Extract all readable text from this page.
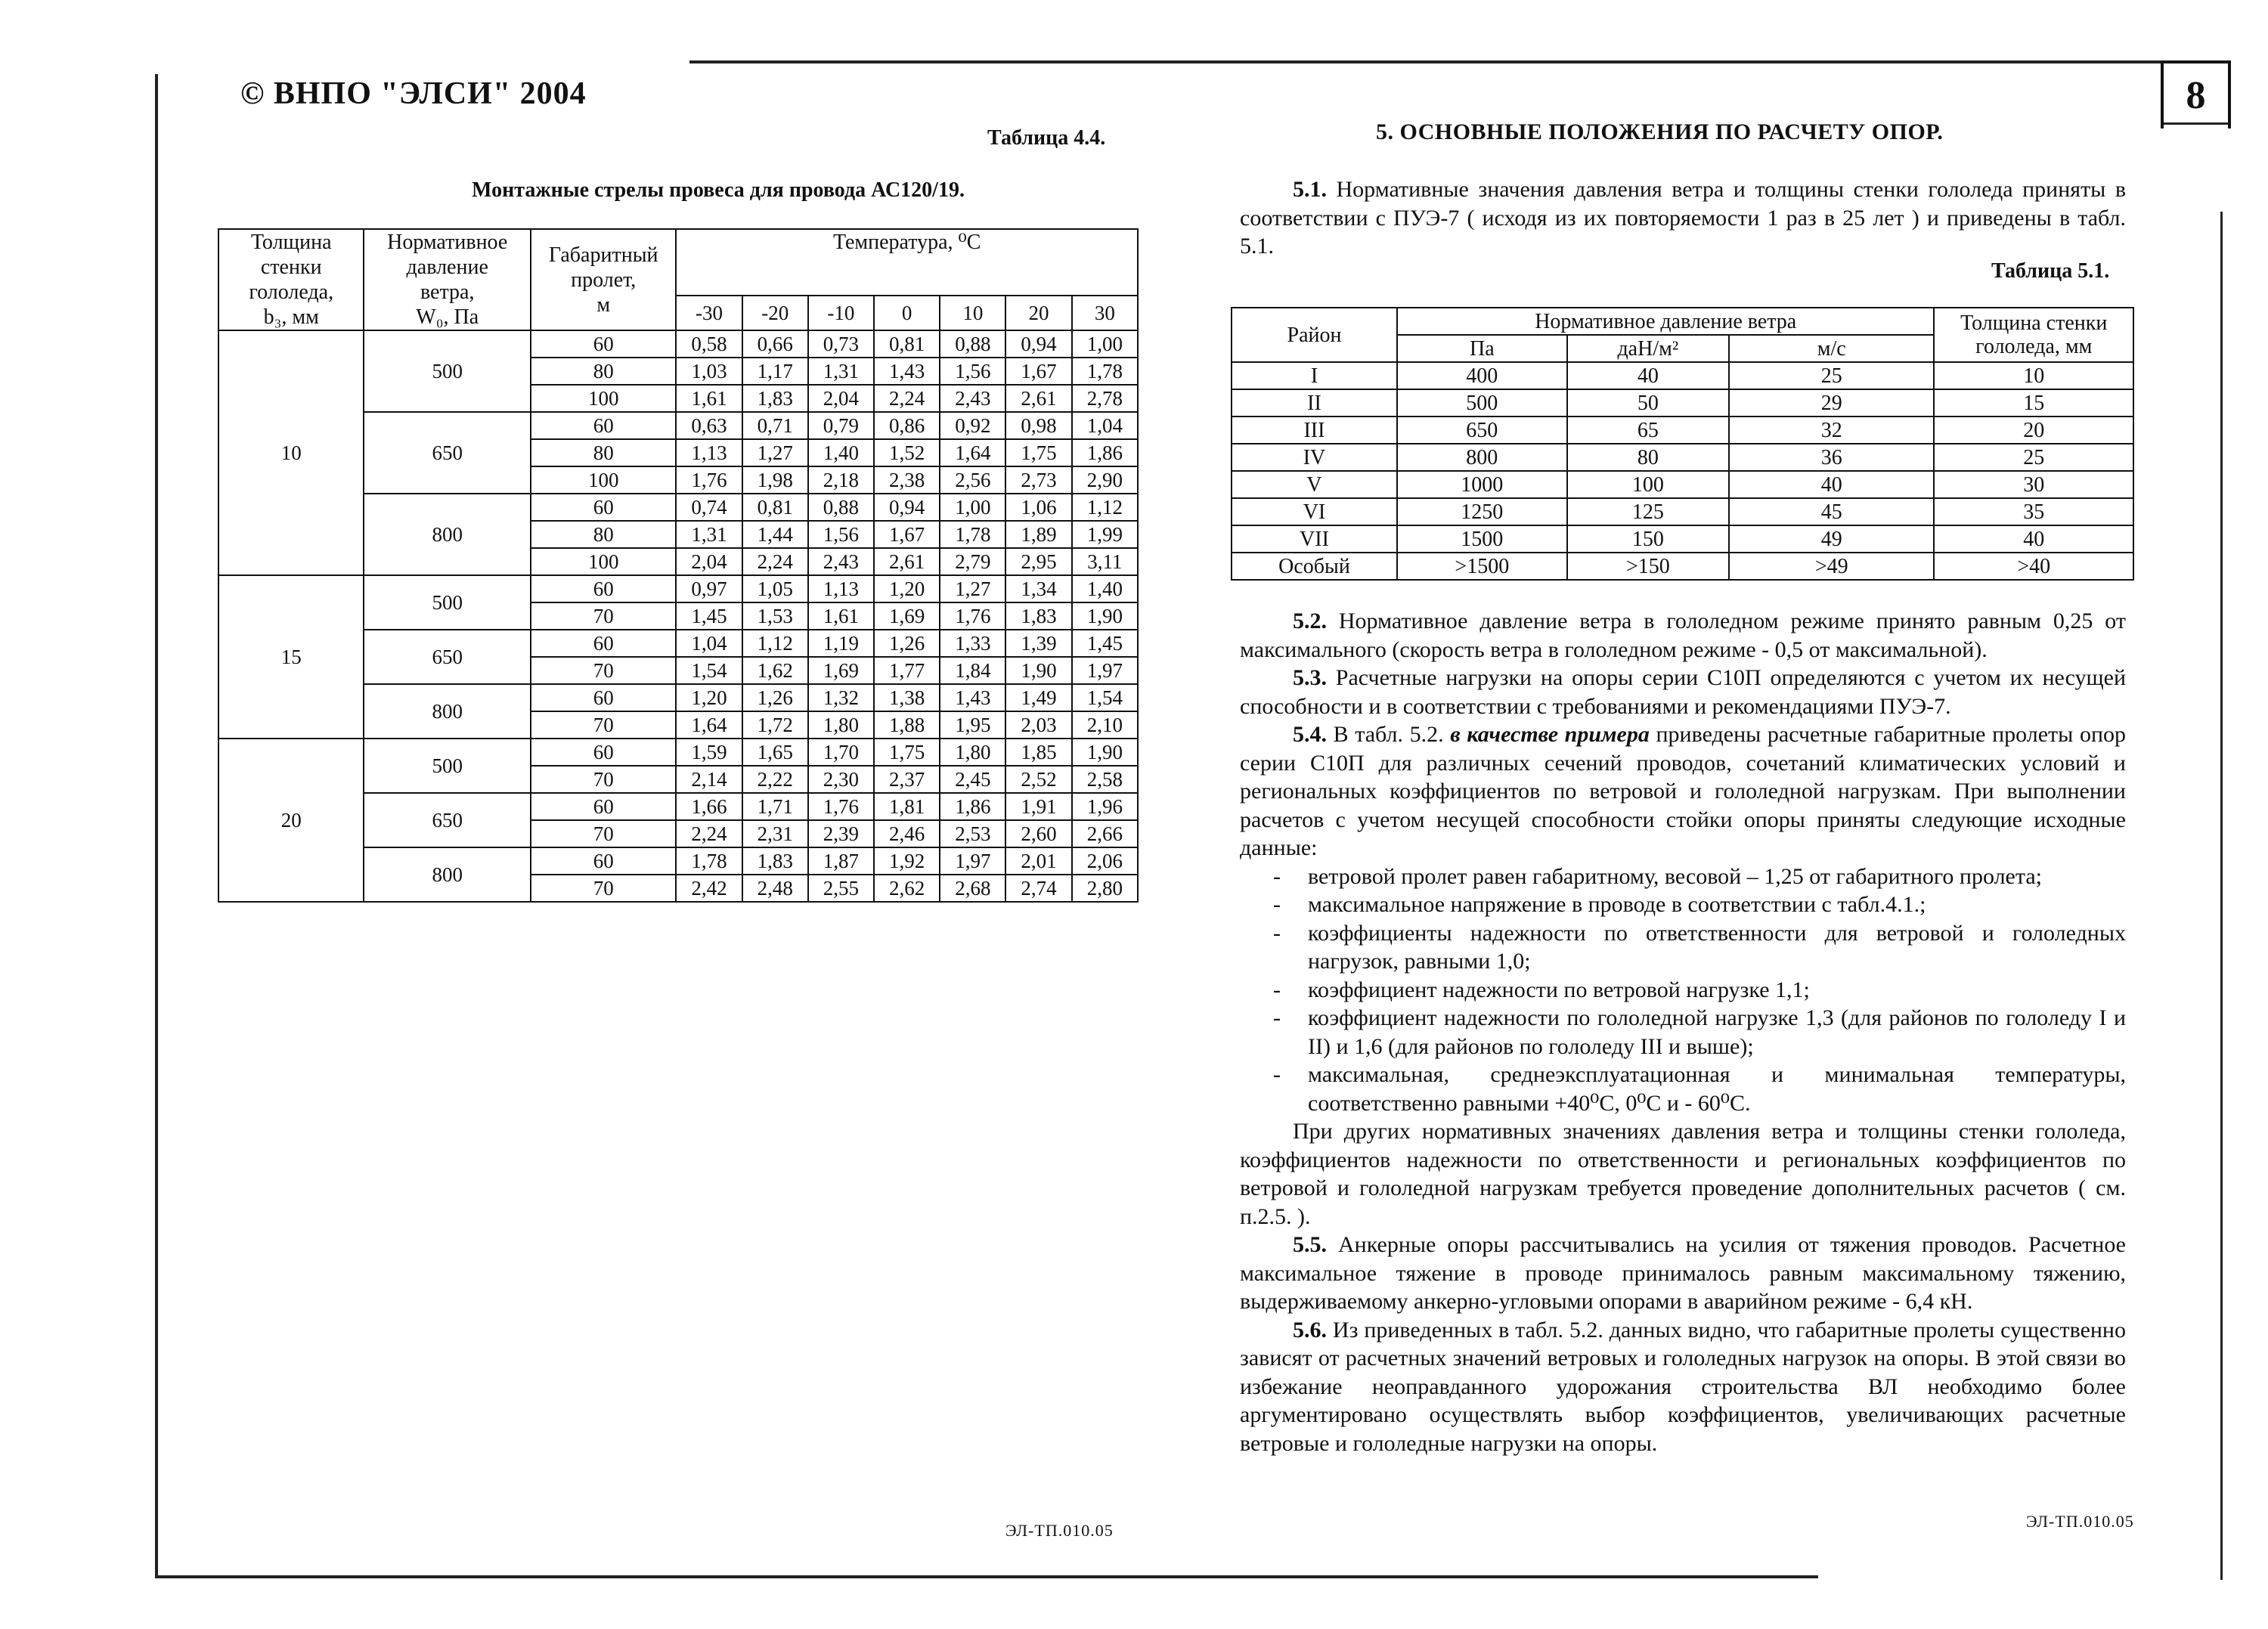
© ВНПО "ЭЛСИ" 2004	8
Таблица 4.4.
Монтажные стрелы провеса для провода АС120/19.
Толщина
стенки
гололеда,
b₃, мм	Нормативное
давление
ветра,
W₀, Па	Габаритный
пролет,
м	Температура, ⁰С						
			-30	-20	-10	0	10	20	30
10	500	60	0,58	0,66	0,73	0,81	0,88	0,94	1,00
		80	1,03	1,17	1,31	1,43	1,56	1,67	1,78
		100	1,61	1,83	2,04	2,24	2,43	2,61	2,78
	650	60	0,63	0,71	0,79	0,86	0,92	0,98	1,04
		80	1,13	1,27	1,40	1,52	1,64	1,75	1,86
		100	1,76	1,98	2,18	2,38	2,56	2,73	2,90
	800	60	0,74	0,81	0,88	0,94	1,00	1,06	1,12
		80	1,31	1,44	1,56	1,67	1,78	1,89	1,99
		100	2,04	2,24	2,43	2,61	2,79	2,95	3,11
15	500	60	0,97	1,05	1,13	1,20	1,27	1,34	1,40
		70	1,45	1,53	1,61	1,69	1,76	1,83	1,90
	650	60	1,04	1,12	1,19	1,26	1,33	1,39	1,45
		70	1,54	1,62	1,69	1,77	1,84	1,90	1,97
	800	60	1,20	1,26	1,32	1,38	1,43	1,49	1,54
		70	1,64	1,72	1,80	1,88	1,95	2,03	2,10
20	500	60	1,59	1,65	1,70	1,75	1,80	1,85	1,90
		70	2,14	2,22	2,30	2,37	2,45	2,52	2,58
	650	60	1,66	1,71	1,76	1,81	1,86	1,91	1,96
		70	2,24	2,31	2,39	2,46	2,53	2,60	2,66
	800	60	1,78	1,83	1,87	1,92	1,97	2,01	2,06
		70	2,42	2,48	2,55	2,62	2,68	2,74	2,80
5. ОСНОВНЫЕ ПОЛОЖЕНИЯ ПО РАСЧЕТУ ОПОР.

5.1. Нормативные значения давления ветра и толщины стенки гололеда приняты в соответствии с ПУЭ-7 ( исходя из их повторяемости 1 раз в 25 лет ) и приведены в табл. 5.1.

Таблица 5.1.
Район	Нормативное давление ветра			Толщина стенки
гололеда, мм
	Па	даН/м²	м/с	
I	400	40	25	10
II	500	50	29	15
III	650	65	32	20
IV	800	80	36	25
V	1000	100	40	30
VI	1250	125	45	35
VII	1500	150	49	40
Особый	>1500	>150	>49	>40

5.2. Нормативное давление ветра в гололедном режиме принято равным 0,25 от максимального (скорость ветра в гололедном режиме - 0,5 от максимальной).

5.3. Расчетные нагрузки на опоры серии С10П определяются с учетом их несущей способности и в соответствии с требованиями и рекомендациями ПУЭ-7.

5.4. В табл. 5.2. в качестве примера приведены расчетные габаритные пролеты опор серии С10П для различных сечений проводов, сочетаний климатических условий и региональных коэффициентов по ветровой и гололедной нагрузкам. При выполнении расчетов с учетом несущей способности стойки опоры приняты следующие исходные данные:

- ветровой пролет равен габаритному, весовой – 1,25 от габаритного пролета;
- максимальное напряжение в проводе в соответствии с табл.4.1.;
- коэффициенты надежности по ответственности для ветровой и гололедных нагрузок, равными 1,0;
- коэффициент надежности по ветровой нагрузке 1,1;
- коэффициент надежности по гололедной нагрузке 1,3 (для районов по гололеду I и II) и 1,6 (для районов по гололеду III и выше);
- максимальная, среднеэксплуатационная и минимальная температуры, соответственно равными +40⁰С, 0⁰С и - 60⁰С.

При других нормативных значениях давления ветра и толщины стенки гололеда, коэффициентов надежности по ответственности и региональных коэффициентов по ветровой и гололедной нагрузкам требуется проведение дополнительных расчетов ( см. п.2.5. ).

5.5. Анкерные опоры рассчитывались на усилия от тяжения проводов. Расчетное максимальное тяжение в проводе принималось равным максимальному тяжению, выдерживаемому анкерно-угловыми опорами в аварийном режиме - 6,4 кН.

5.6. Из приведенных в табл. 5.2. данных видно, что габаритные пролеты существенно зависят от расчетных значений ветровых и гололедных нагрузок на опоры. В этой связи во избежание неоправданного удорожания строительства ВЛ необходимо более аргументировано осуществлять выбор коэффициентов, увеличивающих расчетные ветровые и гололедные нагрузки на опоры.

ЭЛ-ТП.010.05	ЭЛ-ТП.010.05
